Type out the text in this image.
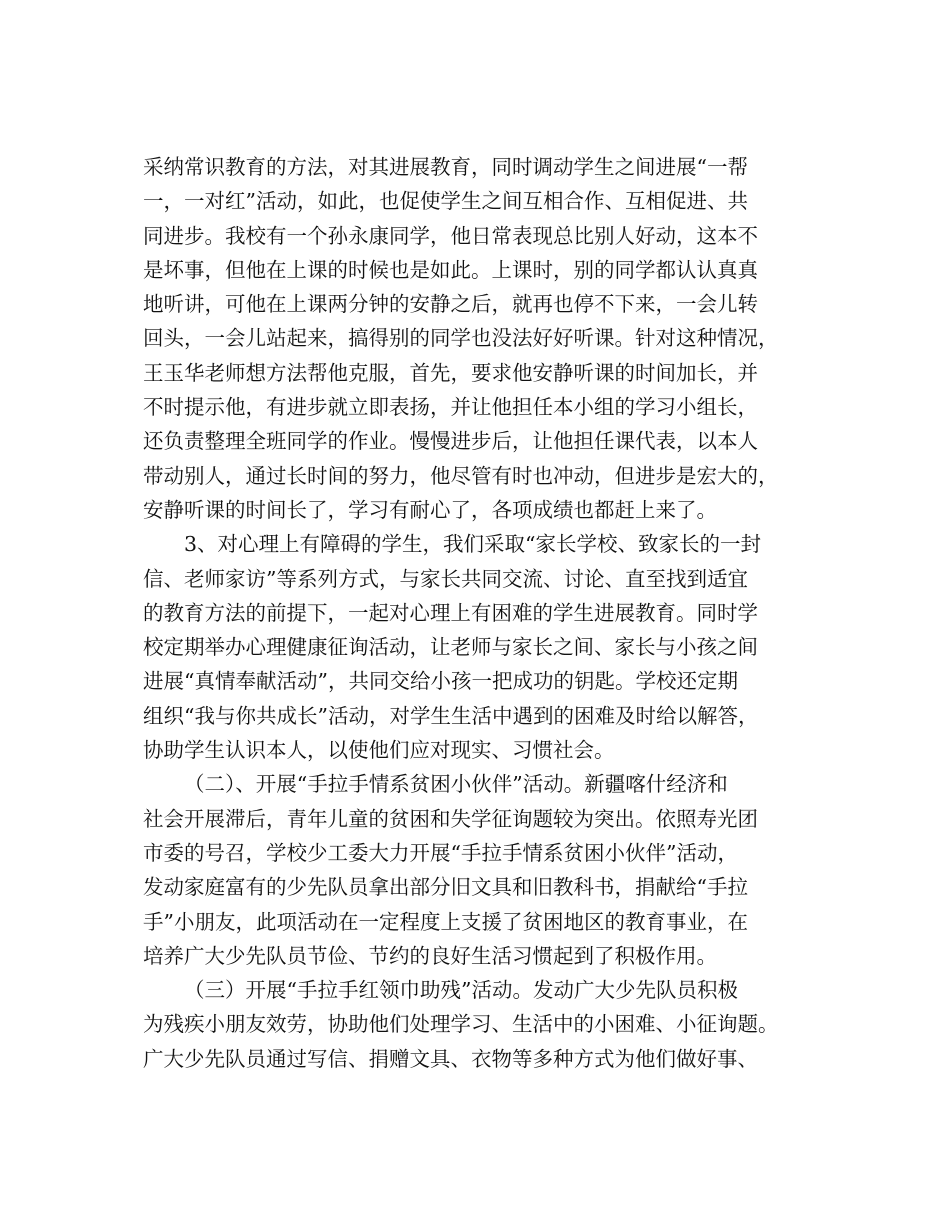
采纳常识教育的方法，对其进展教育，同时调动学生之间进展“一帮
一，一对红”活动，如此，也促使学生之间互相合作、互相促进、共
同进步。我校有一个孙永康同学，他日常表现总比别人好动，这本不
是坏事，但他在上课的时候也是如此。上课时，别的同学都认认真真
地听讲，可他在上课两分钟的安静之后，就再也停不下来，一会儿转
回头，一会儿站起来，搞得别的同学也没法好好听课。针对这种情况，
王玉华老师想方法帮他克服，首先，要求他安静听课的时间加长，并
不时提示他，有进步就立即表扬，并让他担任本小组的学习小组长，
还负责整理全班同学的作业。慢慢进步后，让他担任课代表，以本人
带动别人，通过长时间的努力，他尽管有时也冲动，但进步是宏大的，
安静听课的时间长了，学习有耐心了，各项成绩也都赶上来了。
3、对心理上有障碍的学生，我们采取“家长学校、致家长的一封
信、老师家访”等系列方式，与家长共同交流、讨论、直至找到适宜
的教育方法的前提下，一起对心理上有困难的学生进展教育。同时学
校定期举办心理健康征询活动，让老师与家长之间、家长与小孩之间
进展“真情奉献活动”，共同交给小孩一把成功的钥匙。学校还定期
组织“我与你共成长”活动，对学生生活中遇到的困难及时给以解答，
协助学生认识本人，以使他们应对现实、习惯社会。
（二）、开展“手拉手情系贫困小伙伴”活动。新疆喀什经济和
社会开展滞后，青年儿童的贫困和失学征询题较为突出。依照寿光团
市委的号召，学校少工委大力开展“手拉手情系贫困小伙伴”活动，
发动家庭富有的少先队员拿出部分旧文具和旧教科书，捐献给“手拉
手”小朋友，此项活动在一定程度上支援了贫困地区的教育事业，在
培养广大少先队员节俭、节约的良好生活习惯起到了积极作用。
（三）开展“手拉手红领巾助残”活动。发动广大少先队员积极
为残疾小朋友效劳，协助他们处理学习、生活中的小困难、小征询题。
广大少先队员通过写信、捐赠文具、衣物等多种方式为他们做好事、
